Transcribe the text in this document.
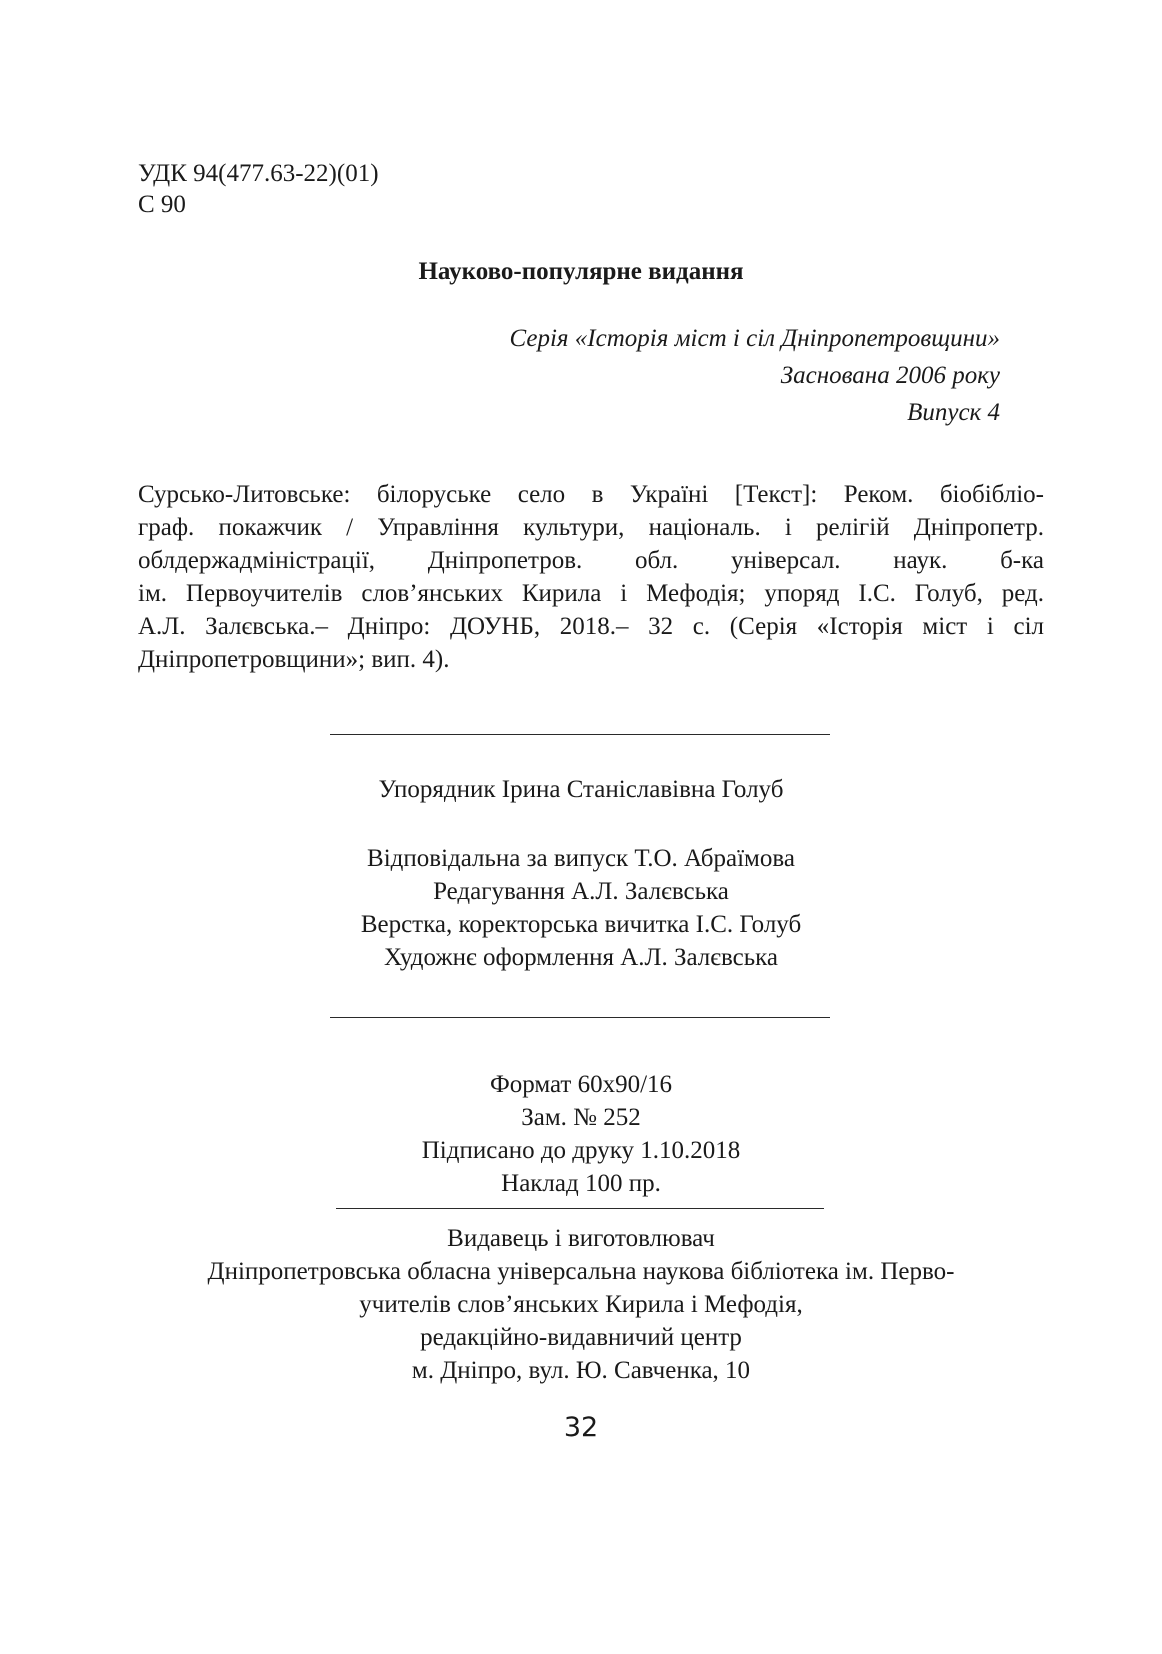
УДК 94(477.63-22)(01)
С 90
Науково-популярне видання
Серія «Історія міст і сіл Дніпропетровщини»
Заснована 2006 року
Випуск 4
Сурсько-Литовське: білоруське село в Україні [Текст]: Реком. біобібліо-
граф. покажчик / Управління культури, національ. і релігій Дніпропетр.
облдержадміністрації, Дніпропетров. обл. універсал. наук. б-ка
ім. Первоучителів слов’янських Кирила і Мефодія; упоряд І.С. Голуб, ред.
А.Л. Залєвська.– Дніпро: ДОУНБ, 2018.– 32 с. (Серія «Історія міст і сіл
Дніпропетровщини»; вип. 4).
Упорядник Ірина Станіславівна Голуб
Відповідальна за випуск Т.О. Абраїмова
Редагування А.Л. Залєвська
Верстка, коректорська вичитка І.С. Голуб
Художнє оформлення А.Л. Залєвська
Формат 60х90/16
Зам. № 252
Підписано до друку 1.10.2018
Наклад 100 пр.
Видавець і виготовлювач
Дніпропетровська обласна універсальна наукова бібліотека ім. Перво-
учителів слов’янських Кирила і Мефодія,
редакційно-видавничий центр
м. Дніпро, вул. Ю. Савченка, 10
32
